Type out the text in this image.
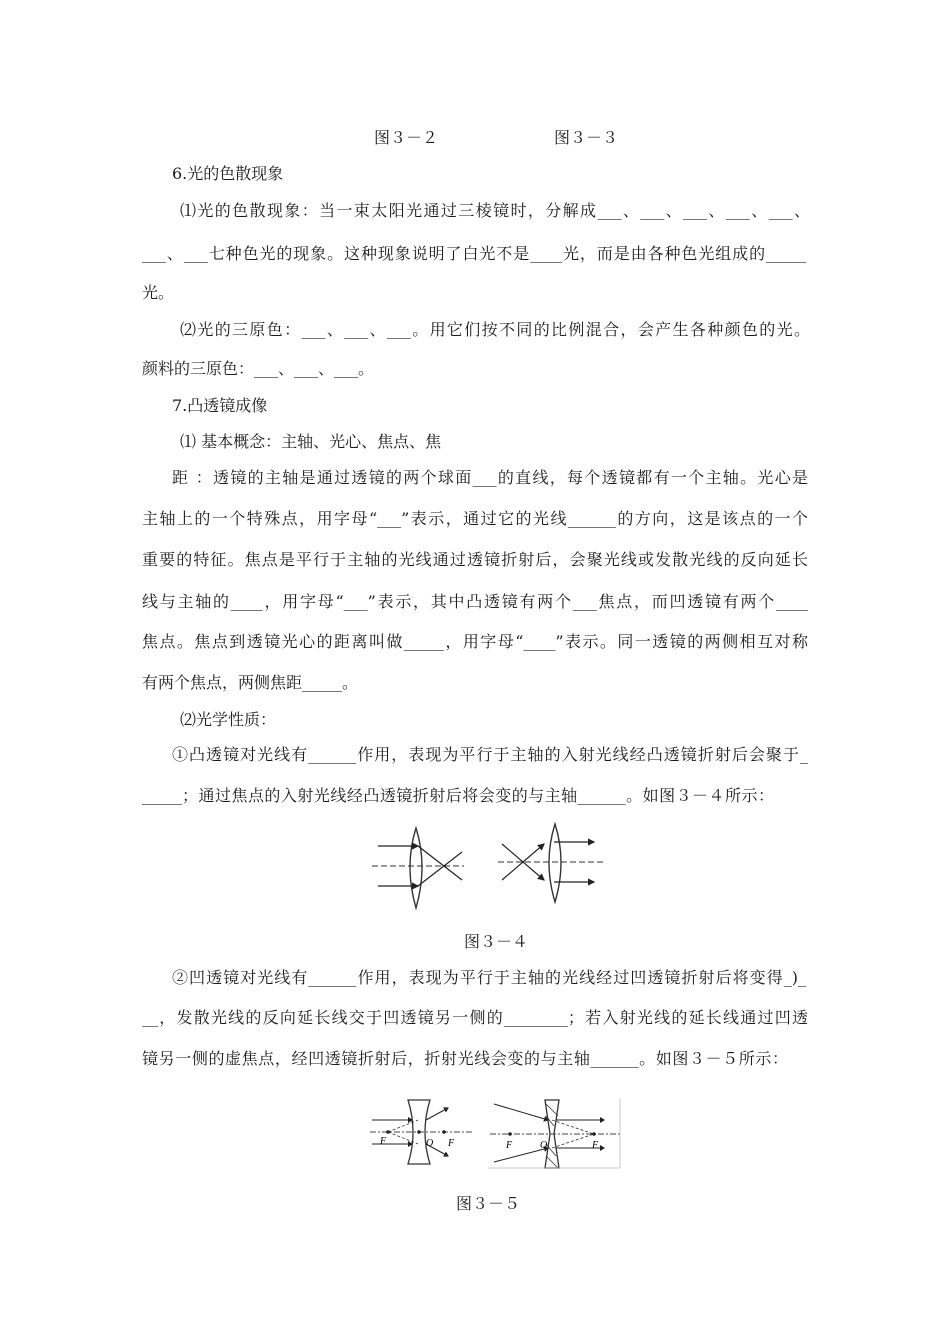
图３－２	图３－３
6.光的色散现象
⑴光的色散现象：当一束太阳光通过三棱镜时，分解成___、___、___、___、___、
___、___七种色光的现象。这种现象说明了白光不是____光，而是由各种色光组成的_____
光。
⑵光的三原色：___、___、___。用它们按不同的比例混合，会产生各种颜色的光。
颜料的三原色：___、___、___。
7.凸透镜成像
⑴ 基本概念：主轴、光心、焦点、焦
距 ：透镜的主轴是通过透镜的两个球面___的直线，每个透镜都有一个主轴。光心是
主轴上的一个特殊点，用字母“___”表示，通过它的光线______的方向，这是该点的一个
重要的特征。焦点是平行于主轴的光线通过透镜折射后，会聚光线或发散光线的反向延长
线与主轴的____，用字母“___”表示，其中凸透镜有两个___焦点，而凹透镜有两个____
焦点。焦点到透镜光心的距离叫做_____，用字母“____”表示。同一透镜的两侧相互对称
有两个焦点，两侧焦距_____。
⑵光学性质：
①凸透镜对光线有______作用，表现为平行于主轴的入射光线经凸透镜折射后会聚于_
_____；通过焦点的入射光线经凸透镜折射后将会变的与主轴______。如图３－４所示：
图３－４
②凹透镜对光线有______作用，表现为平行于主轴的光线经过凹透镜折射后将变得_)_
__，发散光线的反向延长线交于凹透镜另一侧的________；若入射光线的延长线通过凹透
镜另一侧的虚焦点，经凹透镜折射后，折射光线会变的与主轴______。如图３－５所示：
F	O F	F	O	F
图３－５
